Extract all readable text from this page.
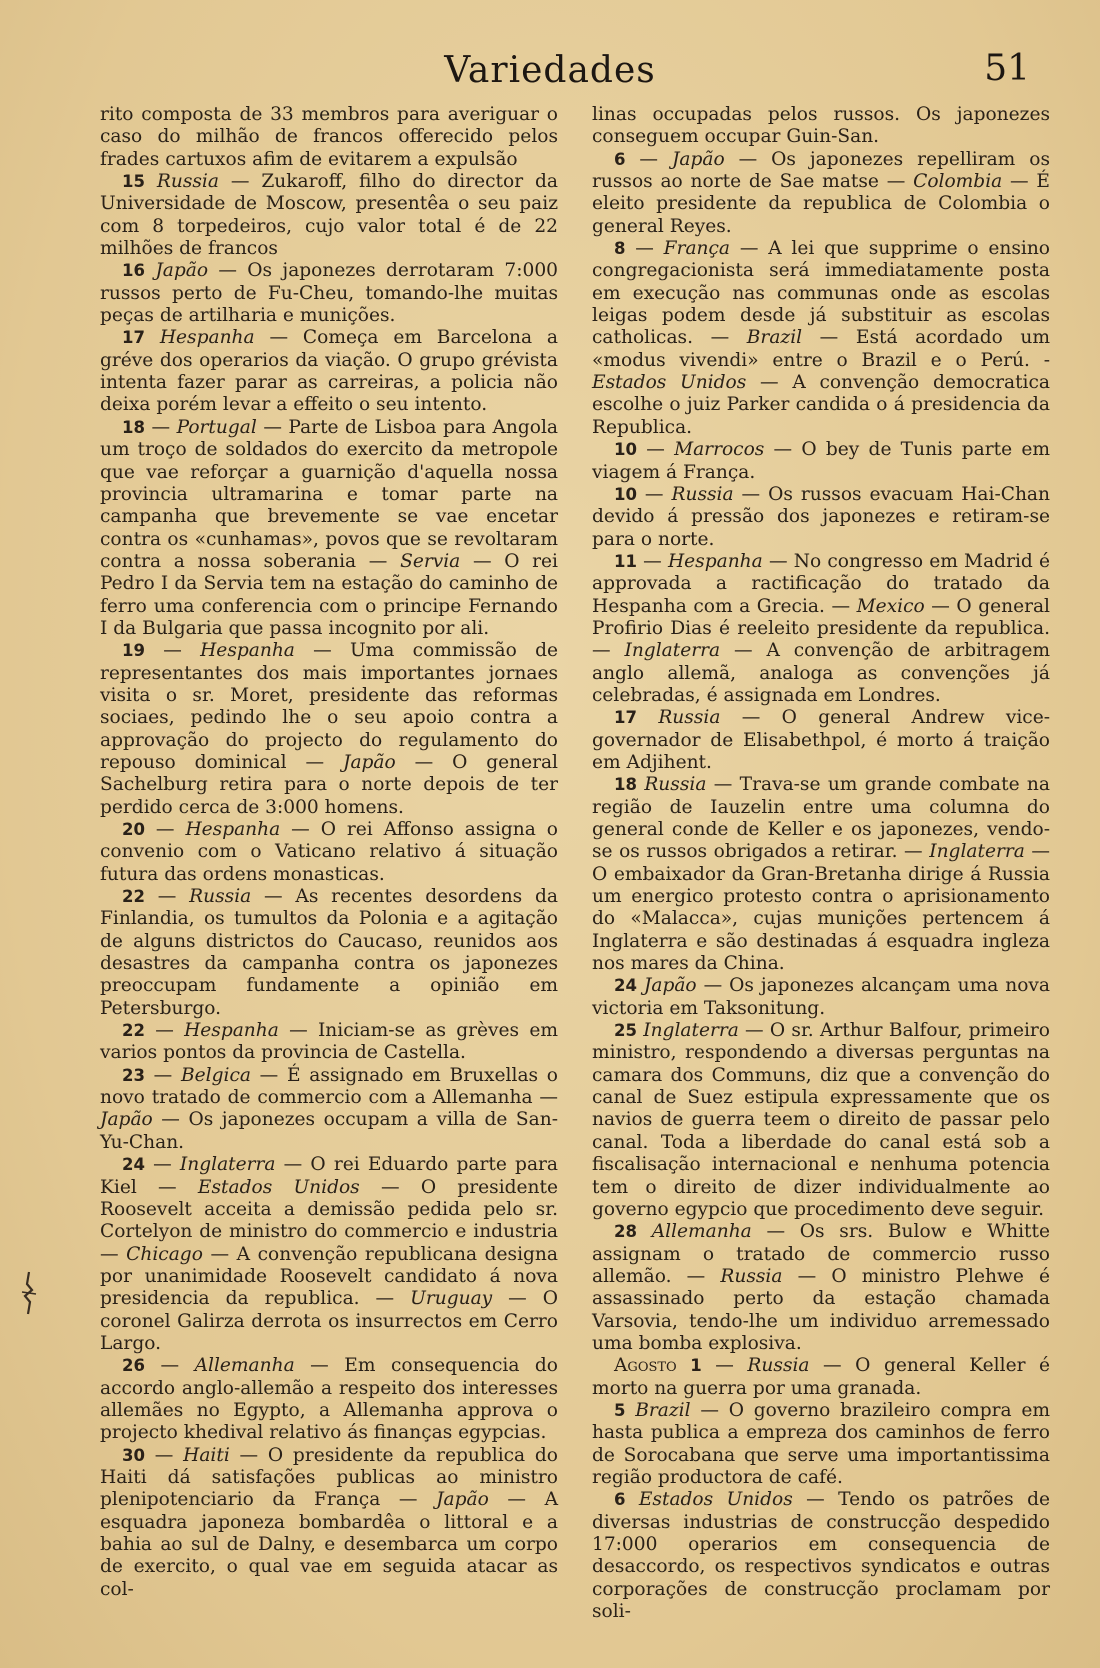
Variedades	51

rito composta de 33 membros para averiguar o caso do milhão de francos offerecido pelos frades cartuxos afim de evitarem a expulsão

15 Russia — Zukaroff, filho do director da Universidade de Moscow, presentêa o seu paiz com 8 torpedeiros, cujo valor total é de 22 milhões de francos

16 Japão — Os japonezes derrotaram 7:000 russos perto de Fu-Cheu, tomando-lhe muitas peças de artilharia e munições.

17 Hespanha — Começa em Barcelona a gréve dos operarios da viação. O grupo grévista intenta fazer parar as carreiras, a policia não deixa porém levar a effeito o seu intento.

18 — Portugal — Parte de Lisboa para Angola um troço de soldados do exercito da metropole que vae reforçar a guarnição d'aquella nossa provincia ultramarina e tomar parte na campanha que brevemente se vae encetar contra os «cunhamas», povos que se revoltaram contra a nossa soberania — Servia — O rei Pedro I da Servia tem na estação do caminho de ferro uma conferencia com o principe Fernando I da Bulgaria que passa incognito por ali.

19 — Hespanha — Uma commissão de representantes dos mais importantes jornaes visita o sr. Moret, presidente das reformas sociaes, pedindo lhe o seu apoio contra a approvação do projecto do regulamento do repouso dominical — Japão — O general Sachelburg retira para o norte depois de ter perdido cerca de 3:000 homens.

20 — Hespanha — O rei Affonso assigna o convenio com o Vaticano relativo á situação futura das ordens monasticas.

22 — Russia — As recentes desordens da Finlandia, os tumultos da Polonia e a agitação de alguns districtos do Caucaso, reunidos aos desastres da campanha contra os japonezes preoccupam fundamente a opinião em Petersburgo.

22 — Hespanha — Iniciam-se as grèves em varios pontos da provincia de Castella.

23 — Belgica — É assignado em Bruxellas o novo tratado de commercio com a Allemanha — Japão — Os japonezes occupam a villa de San-Yu-Chan.

24 — Inglaterra — O rei Eduardo parte para Kiel — Estados Unidos — O presidente Roosevelt acceita a demissão pedida pelo sr. Cortelyon de ministro do commercio e industria — Chicago — A convenção republicana designa por unanimidade Roosevelt candidato á nova presidencia da republica. — Uruguay — O coronel Galirza derrota os insurrectos em Cerro Largo.

26 — Allemanha — Em consequencia do accordo anglo-allemão a respeito dos interesses allemães no Egypto, a Allemanha approva o projecto khedival relativo ás finanças egypcias.

30 — Haiti — O presidente da republica do Haiti dá satisfações publicas ao ministro plenipotenciario da França — Japão — A esquadra japoneza bombardêa o littoral e a bahia ao sul de Dalny, e desembarca um corpo de exercito, o qual vae em seguida atacar as col-

linas occupadas pelos russos. Os japonezes conseguem occupar Guin-San.

6 — Japão — Os japonezes repelliram os russos ao norte de Sae matse — Colombia — É eleito presidente da republica de Colombia o general Reyes.

8 — França — A lei que supprime o ensino congregacionista será immediatamente posta em execução nas communas onde as escolas leigas podem desde já substituir as escolas catholicas. — Brazil — Está acordado um «modus vivendi» entre o Brazil e o Perú. - Estados Unidos — A convenção democratica escolhe o juiz Parker candida o á presidencia da Republica.

10 — Marrocos — O bey de Tunis parte em viagem á França.

10 — Russia — Os russos evacuam Hai-Chan devido á pressão dos japonezes e retiram-se para o norte.

11 — Hespanha — No congresso em Madrid é approvada a ractificação do tratado da Hespanha com a Grecia. — Mexico — O general Profirio Dias é reeleito presidente da republica. — Inglaterra — A convenção de arbitragem anglo allemã, analoga as convenções já celebradas, é assignada em Londres.

17 Russia — O general Andrew vice-governador de Elisabethpol, é morto á traição em Adjihent.

18 Russia — Trava-se um grande combate na região de Iauzelin entre uma columna do general conde de Keller e os japonezes, vendo-se os russos obrigados a retirar. — Inglaterra — O embaixador da Gran-Bretanha dirige á Russia um energico protesto contra o aprisionamento do «Malacca», cujas munições pertencem á Inglaterra e são destinadas á esquadra ingleza nos mares da China.

24 Japão — Os japonezes alcançam uma nova victoria em Taksonitung.

25 Inglaterra — O sr. Arthur Balfour, primeiro ministro, respondendo a diversas perguntas na camara dos Communs, diz que a convenção do canal de Suez estipula expressamente que os navios de guerra teem o direito de passar pelo canal. Toda a liberdade do canal está sob a fiscalisação internacional e nenhuma potencia tem o direito de dizer individualmente ao governo egypcio que procedimento deve seguir.

28 Allemanha — Os srs. Bulow e Whitte assignam o tratado de commercio russo allemão. — Russia — O ministro Plehwe é assassinado perto da estação chamada Varsovia, tendo-lhe um individuo arremessado uma bomba explosiva.

Agosto 1 — Russia — O general Keller é morto na guerra por uma granada.

5 Brazil — O governo brazileiro compra em hasta publica a empreza dos caminhos de ferro de Sorocabana que serve uma importantissima região productora de café.

6 Estados Unidos — Tendo os patrões de diversas industrias de construcção despedido 17:000 operarios em consequencia de desaccordo, os respectivos syndicatos e outras corporações de construcção proclamam por soli-
